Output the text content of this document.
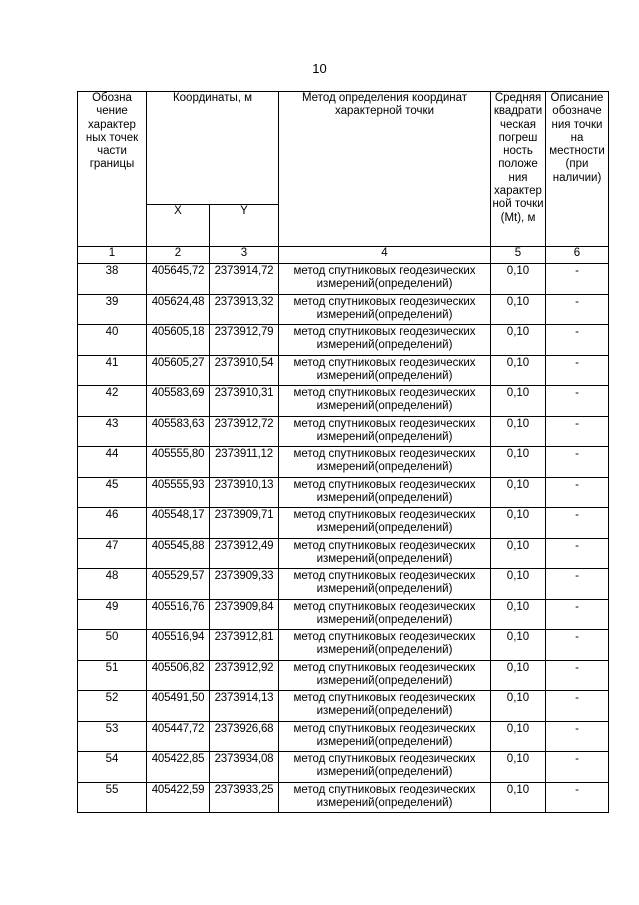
10
Обозна чение характер ных точек части границы	Координаты, м		Метод определения координат характерной точки	Средняя квадрати ческая погреш ность положе ния характер ной точки (Mt), м	Описание обозначе ния точки на местности (при наличии)
	X	Y			
1	2	3	4	5	6
38	405645,72	2373914,72	метод спутниковых геодезических измерений(определений)	0,10	-
39	405624,48	2373913,32	метод спутниковых геодезических измерений(определений)	0,10	-
40	405605,18	2373912,79	метод спутниковых геодезических измерений(определений)	0,10	-
41	405605,27	2373910,54	метод спутниковых геодезических измерений(определений)	0,10	-
42	405583,69	2373910,31	метод спутниковых геодезических измерений(определений)	0,10	-
43	405583,63	2373912,72	метод спутниковых геодезических измерений(определений)	0,10	-
44	405555,80	2373911,12	метод спутниковых геодезических измерений(определений)	0,10	-
45	405555,93	2373910,13	метод спутниковых геодезических измерений(определений)	0,10	-
46	405548,17	2373909,71	метод спутниковых геодезических измерений(определений)	0,10	-
47	405545,88	2373912,49	метод спутниковых геодезических измерений(определений)	0,10	-
48	405529,57	2373909,33	метод спутниковых геодезических измерений(определений)	0,10	-
49	405516,76	2373909,84	метод спутниковых геодезических измерений(определений)	0,10	-
50	405516,94	2373912,81	метод спутниковых геодезических измерений(определений)	0,10	-
51	405506,82	2373912,92	метод спутниковых геодезических измерений(определений)	0,10	-
52	405491,50	2373914,13	метод спутниковых геодезических измерений(определений)	0,10	-
53	405447,72	2373926,68	метод спутниковых геодезических измерений(определений)	0,10	-
54	405422,85	2373934,08	метод спутниковых геодезических измерений(определений)	0,10	-
55	405422,59	2373933,25	метод спутниковых геодезических измерений(определений)	0,10	-
